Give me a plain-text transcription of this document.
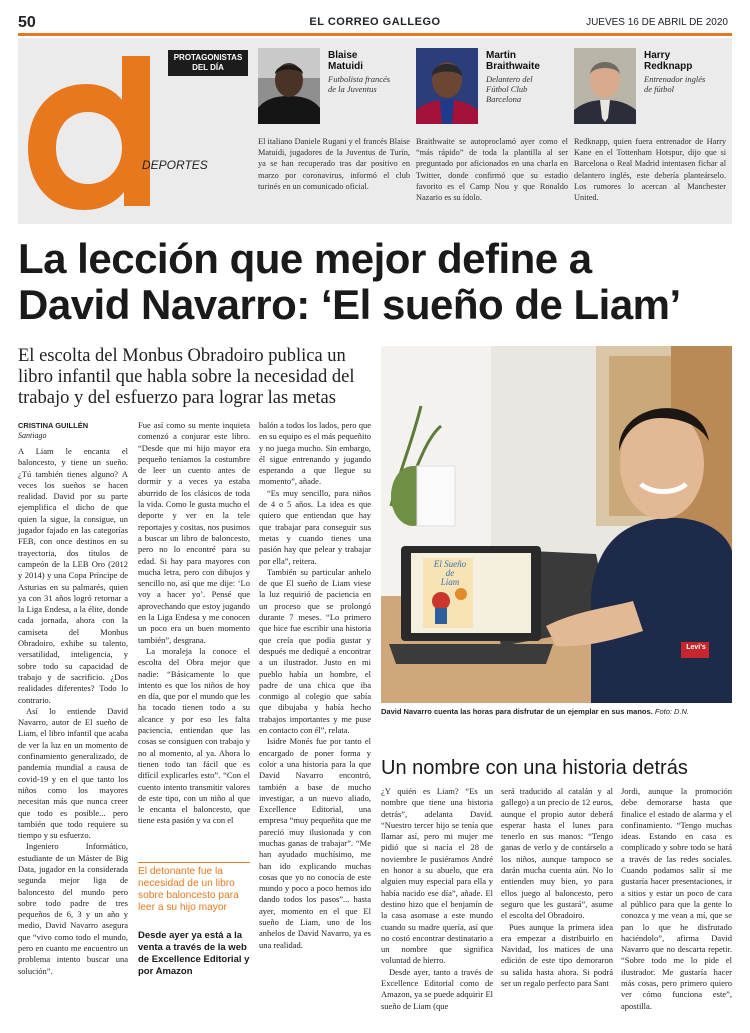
50	EL CORREO GALLEGO	JUEVES 16 DE ABRIL DE 2020
DEPORTES
PROTAGONISTAS
DEL DÍA
Blaise
Matuidi
Futbolista francés
de la Juventus
El italiano Daniele Rugani y el francés Blaise Matuidi, jugadores de la Juventus de Turín, ya se han recuperado tras dar positivo en marzo por coronavirus, informó el club turinés en un comunicado oficial.
Martin
Braithwaite
Delantero del
Fútbol Club
Barcelona
Braithwaite se autoproclamó ayer como el “más rápido” de toda la plantilla al ser preguntado por aficionados en una charla en Twitter, donde confirmó que su estadio favorito es el Camp Nou y que Ronaldo Nazario es su ídolo.
Harry
Redknapp
Entrenador inglés
de fútbol
Redknapp, quien fuera entrenador de Harry Kane en el Tottenham Hotspur, dijo que si Barcelona o Real Madrid intentasen fichar al delantero inglés, este debería planteárselo. Los rumores lo acercan al Manchester United.
La lección que mejor define a
David Navarro: ‘El sueño de Liam’
El escolta del Monbus Obradoiro publica un libro infantil que habla sobre la necesidad del trabajo y del esfuerzo para lograr las metas
David Navarro cuenta las horas para disfrutar de un ejemplar en sus manos. Foto: D.N.
CRISTINA GUILLÉN
Santiago

A Liam le encanta el baloncesto, y tiene un sueño. ¿Tú también tienes alguno? A veces los sueños se hacen realidad. David por su parte ejemplifica el dicho de que quien la sigue, la consigue, un jugador fajado en las categorías FEB, con once destinos en su trayectoria, dos títulos de campeón de la LEB Oro (2012 y 2014) y una Copa Príncipe de Asturias en su palmarés, quien ya con 31 años logró retornar a la Liga Endesa, a la élite, donde cada jornada, ahora con la camiseta del Monbus Obradoiro, exhibe su talento, versatilidad, inteligencia, y sobre todo su capacidad de trabajo y de sacrificio. ¿Dos realidades diferentes? Todo lo contrario.

Así lo entiende David Navarro, autor de El sueño de Liam, el libro infantil que acaba de ver la luz en un momento de confinamiento generalizado, de pandemia mundial a causa de covid-19 y en el que tanto los niños como los mayores necesitan más que nunca creer que todo es posible... pero también que todo requiere su tiempo y su esfuerzo.

Ingeniero Informático, estudiante de un Máster de Big Data, jugador en la considerada segunda mejor liga de baloncesto del mundo pero sobre todo padre de tres pequeños de 6, 3 y un año y medio, David Navarro asegura que “vivo como todo el mundo, pero en cuanto me encuentro un problema intento buscar una solución”.

Fue así como su mente inquieta comenzó a conjurar este libro. “Desde que mi hijo mayor era pequeño teníamos la costumbre de leer un cuento antes de dormir y a veces ya estaba aburrido de los clásicos de toda la vida. Como le gusta mucho el deporte y ver en la tele reportajes y cositas, nos pusimos a buscar un libro de baloncesto, pero no lo encontré para su edad. Si hay para mayores con mucha letra, pero con dibujos y sencillo no, así que me dije: ‘Lo voy a hacer yo’. Pensé que aprovechando que estoy jugando en la Liga Endesa y me conocen un poco era un buen momento también”, desgrana.

La moraleja la conoce el escolta del Obra mejor que nadie: “Básicamente lo que intento es que los niños de hoy en día, que por el mundo que les ha tocado tienen todo a su alcance y por eso les falta paciencia, entiendan que las cosas se consiguen con trabajo y no al momento, al ya. Ahora lo tienen todo tan fácil que es difícil explicarles esto”. “Con el cuento intento transmitir valores de este tipo, con un niño al que le encanta el baloncesto, que tiene esta pasión y va con el

El detonante fue la necesidad de un libro sobre baloncesto para leer a su hijo mayor
Desde ayer ya está a la venta a través de la web de Excellence Editorial y por Amazon

balón a todos los lados, pero que en su equipo es el más pequeñito y no juega mucho. Sin embargo, él sigue entrenando y jugando esperando a que llegue su momento”, añade.

“Es muy sencillo, para niños de 4 o 5 años. La idea es que quiero que entiendan que hay que trabajar para conseguir sus metas y cuando tienes una pasión hay que pelear y trabajar por ella”, reitera.

También su particular anhelo de que El sueño de Liam viese la luz requirió de paciencia en un proceso que se prolongó durante 7 meses. “Lo primero que hice fue escribir una historia que creía que podía gustar y después me dediqué a encontrar a un ilustrador. Justo en mi pueblo había un hombre, el padre de una chica que iba conmigo al colegio que sabía que dibujaba y había hecho trabajos importantes y me puse en contacto con él”, relata.

Isidre Monés fue por tanto el encargado de poner forma y color a una historia para la que David Navarro encontró, también a base de mucho investigar, a un nuevo aliado, Excellence Editorial, una empresa “muy pequeñita que me pareció muy ilusionada y con muchas ganas de trabajar”. “Me han ayudado muchísimo, me han ido explicando muchas cosas que yo no conocía de este mundo y poco a poco hemos ido dando todos los pasos”... hasta ayer, momento en el que El sueño de Liam, uno de los anhelos de David Navarro, ya es una realidad.

Un nombre con una historia detrás

¿Y quién es Liam? “Es un nombre que tiene una historia detrás”, adelanta David. “Nuestro tercer hijo se tenía que llamar así, pero mi mujer me pidió que si nacía el 28 de noviembre le pusiéramos André en honor a su abuelo, que era alguien muy especial para ella y había nacido ese día”, añade. El destino hizo que el benjamín de la casa asomase a este mundo cuando su madre quería, así que no costó encontrar destinatario a un nombre que significa voluntad de hierro.

Desde ayer, tanto a través de Excellence Editorial como de Amazon, ya se puede adquirir El sueño de Liam (que

será traducido al catalán y al gallego) a un precio de 12 euros, aunque el propio autor deberá esperar hasta el lunes para tenerlo en sus manos: “Tengo ganas de verlo y de contárselo a los niños, aunque tampoco se darán mucha cuenta aún. No lo entienden muy bien, yo para ellos juego al baloncesto, pero seguro que les gustará”, asume el escolta del Obradoiro.

Pues aunque la primera idea era empezar a distribuirlo en Navidad, los matices de una edición de este tipo demoraron su salida hasta ahora. Si podrá ser un regalo perfecto para Sant

Jordi, aunque la promoción debe demorarse hasta que finalice el estado de alarma y el confinamiento. “Tengo muchas ideas. Estando en casa es complicado y sobre todo se hará a través de las redes sociales. Cuando podamos salir sí me gustaría hacer presentaciones, ir a sitios y estar un poco de cara al público para que la gente lo conozca y me vean a mí, que se pan lo que he disfrutado haciéndolo”, afirma David Navarro que no descarta repetir. “Sobre todo me lo pide el ilustrador. Me gustaría hacer más cosas, pero primero quiero ver cómo funciona este”, apostilla.

El Sueño
de
Liam
Levi's
